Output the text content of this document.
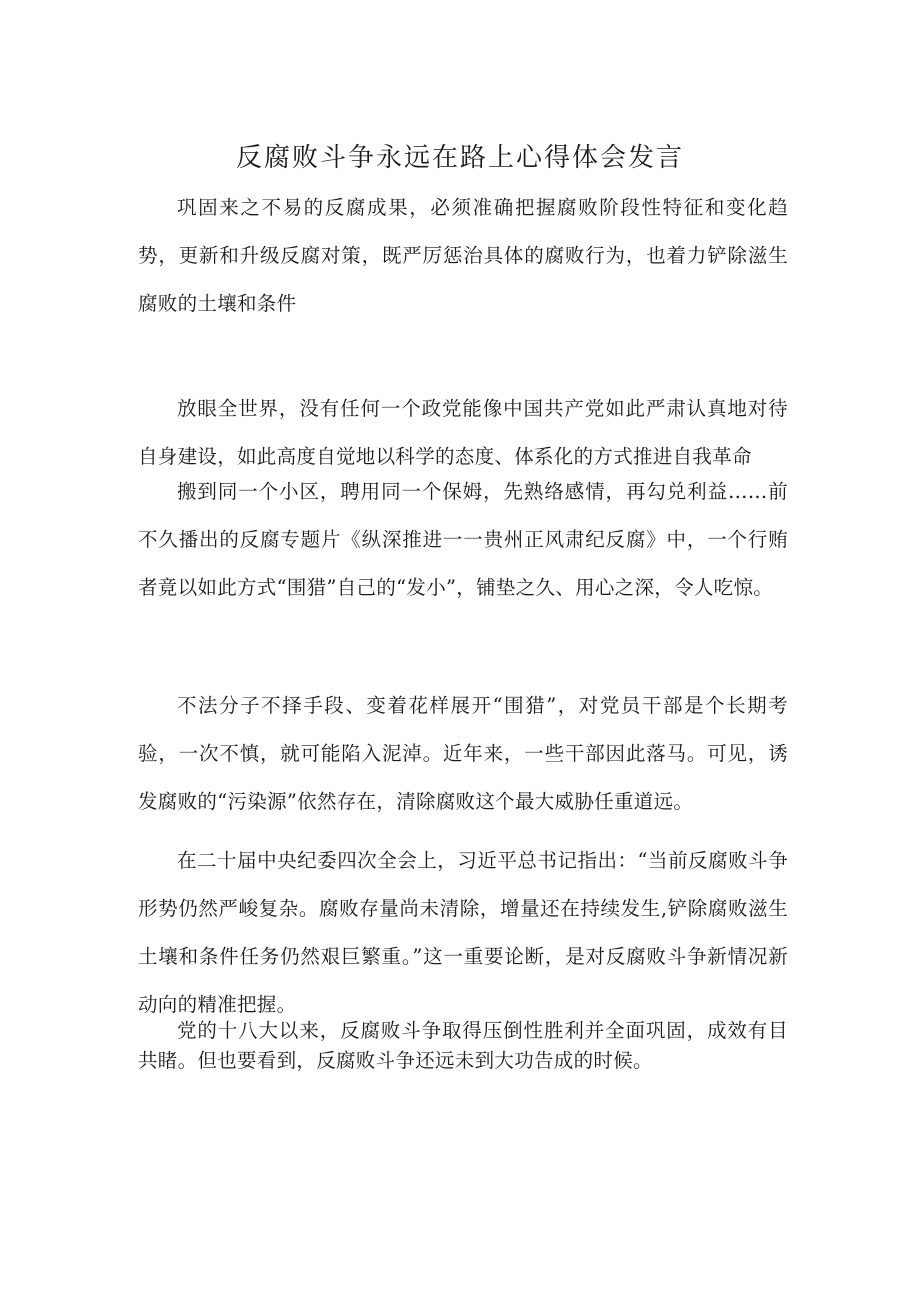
反腐败斗争永远在路上心得体会发言

巩固来之不易的反腐成果，必须准确把握腐败阶段性特征和变化趋势，更新和升级反腐对策，既严厉惩治具体的腐败行为，也着力铲除滋生腐败的土壤和条件

放眼全世界，没有任何一个政党能像中国共产党如此严肃认真地对待自身建设，如此高度自觉地以科学的态度、体系化的方式推进自我革命

搬到同一个小区，聘用同一个保姆，先熟络感情，再勾兑利益……前不久播出的反腐专题片《纵深推进一一贵州正风肃纪反腐》中，一个行贿者竟以如此方式“围猎”自己的“发小”，铺垫之久、用心之深，令人吃惊。

不法分子不择手段、变着花样展开“围猎”，对党员干部是个长期考验，一次不慎，就可能陷入泥淖。近年来，一些干部因此落马。可见，诱发腐败的“污染源”依然存在，清除腐败这个最大威胁任重道远。

在二十届中央纪委四次全会上，习近平总书记指出：“当前反腐败斗争形势仍然严峻复杂。腐败存量尚未清除，增量还在持续发生,铲除腐败滋生土壤和条件任务仍然艰巨繁重。”这一重要论断，是对反腐败斗争新情况新动向的精准把握。

党的十八大以来，反腐败斗争取得压倒性胜利并全面巩固，成效有目共睹。但也要看到，反腐败斗争还远未到大功告成的时候。
